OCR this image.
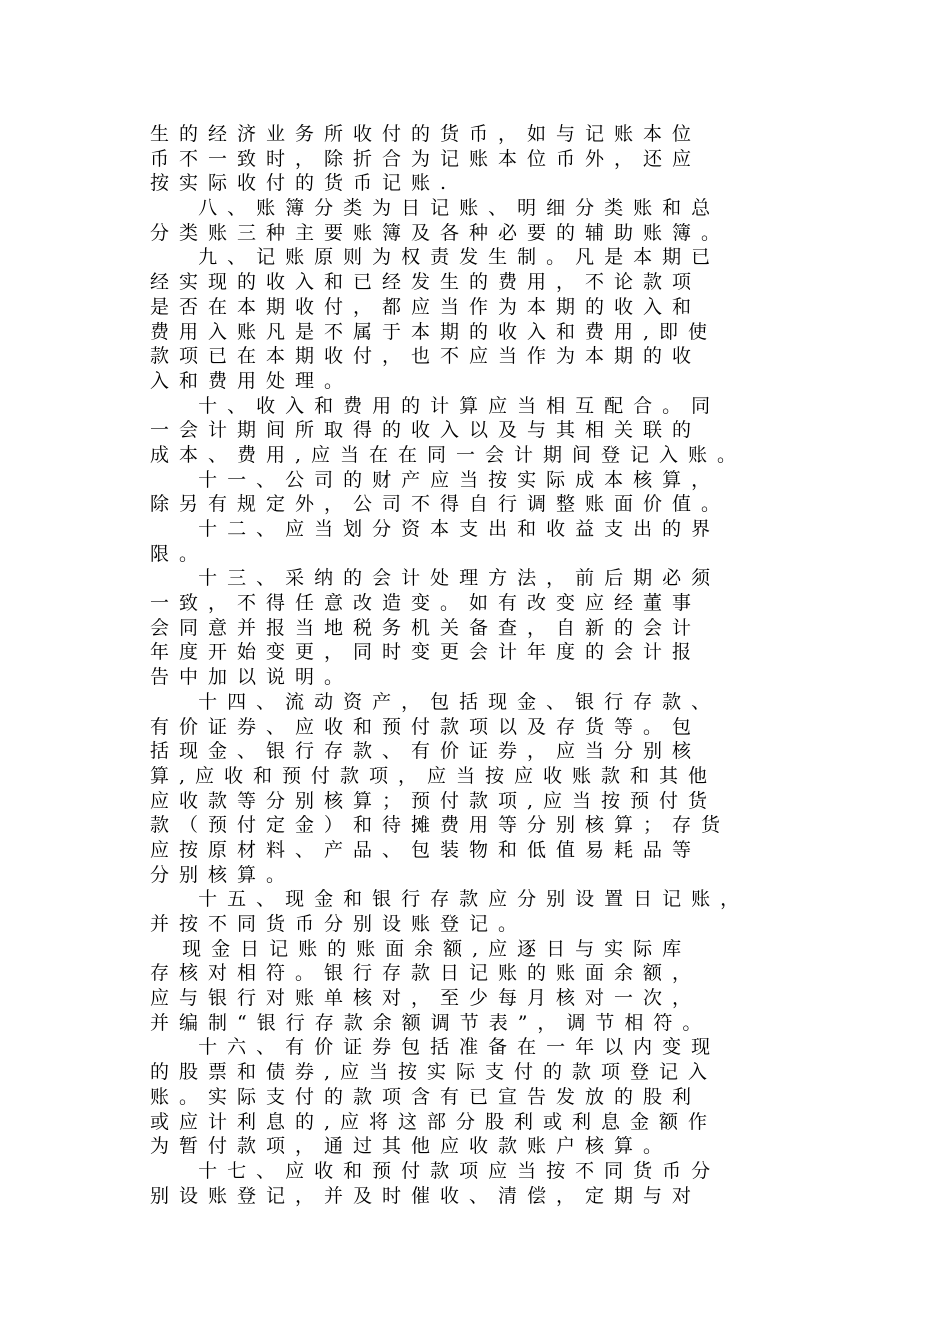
生的经济业务所收付的货币，如与记账本位
币不一致时，除折合为记账本位币外，还应
按实际收付的货币记账.
八、账簿分类为日记账、明细分类账和总
分类账三种主要账簿及各种必要的辅助账簿。
九、记账原则为权责发生制。凡是本期已
经实现的收入和已经发生的费用，不论款项
是否在本期收付，都应当作为本期的收入和
费用入账凡是不属于本期的收入和费用,即使
款项已在本期收付，也不应当作为本期的收
入和费用处理。
十、收入和费用的计算应当相互配合。同
一会计期间所取得的收入以及与其相关联的
成本、费用,应当在在同一会计期间登记入账。
十一、公司的财产应当按实际成本核算，
除另有规定外，公司不得自行调整账面价值。
十二、应当划分资本支出和收益支出的界
限。
十三、采纳的会计处理方法，前后期必须
一致，不得任意改造变。如有改变应经董事
会同意并报当地税务机关备查，自新的会计
年度开始变更，同时变更会计年度的会计报
告中加以说明。
十四、流动资产，包括现金、银行存款、
有价证券、应收和预付款项以及存货等。包
括现金、银行存款、有价证券，应当分别核
算,应收和预付款项，应当按应收账款和其他
应收款等分别核算；预付款项,应当按预付货
款（预付定金）和待摊费用等分别核算；存货
应按原材料、产品、包装物和低值易耗品等
分别核算。
十五、现金和银行存款应分别设置日记账，
并按不同货币分别设账登记。
现金日记账的账面余额,应逐日与实际库
存核对相符。银行存款日记账的账面余额，
应与银行对账单核对，至少每月核对一次，
并编制“银行存款余额调节表”，调节相符。
十六、有价证券包括准备在一年以内变现
的股票和债券,应当按实际支付的款项登记入
账。实际支付的款项含有已宣告发放的股利
或应计利息的,应将这部分股利或利息金额作
为暂付款项，通过其他应收款账户核算。
十七、应收和预付款项应当按不同货币分
别设账登记，并及时催收、清偿，定期与对
